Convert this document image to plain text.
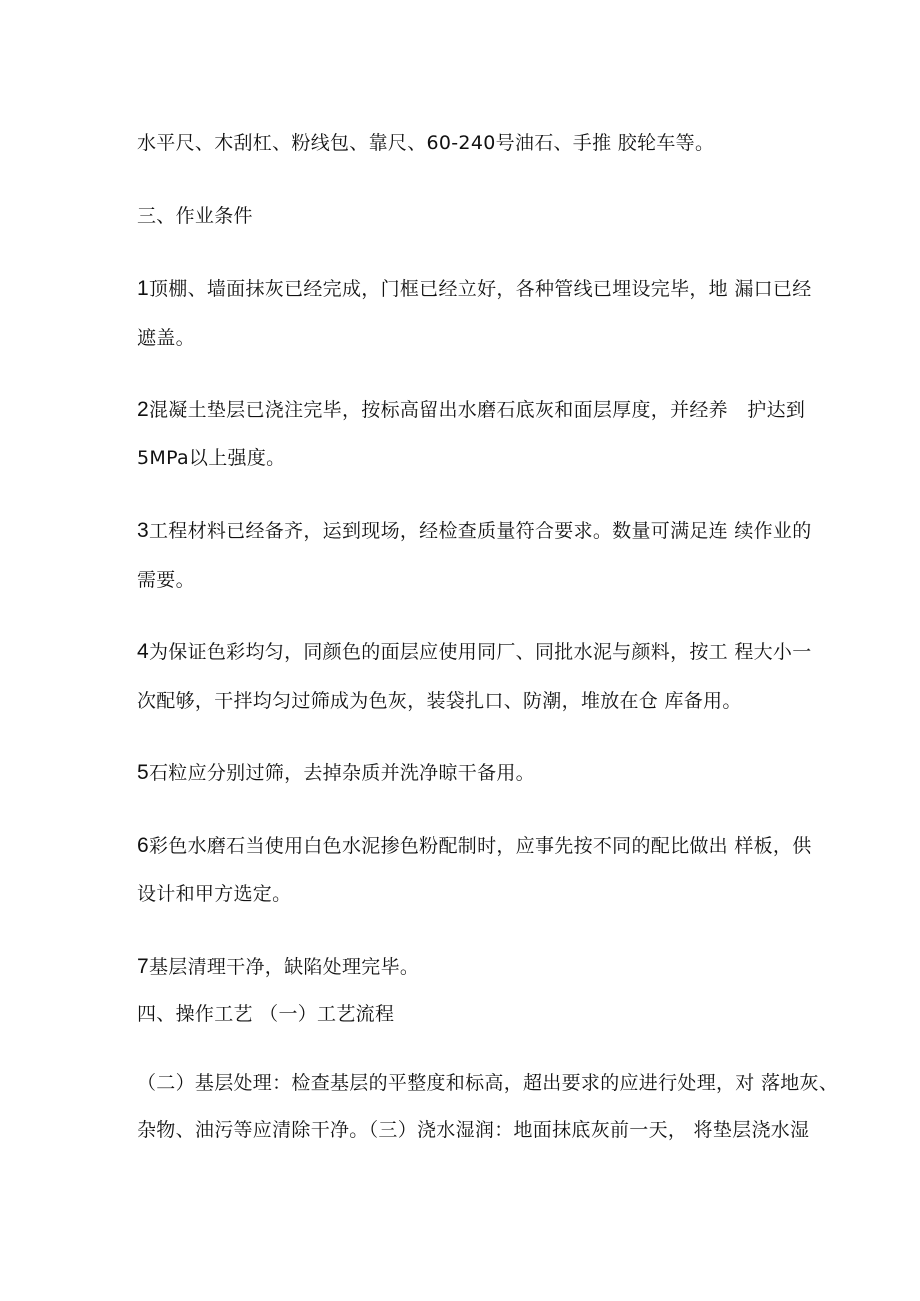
水平尺、木刮杠、粉线包、靠尺、60-240号油石、手推 胶轮车等。
三、作业条件
1顶棚、墙面抹灰已经完成，门框已经立好，各种管线已埋设完毕，地 漏口已经
遮盖。
2混凝土垫层已浇注完毕，按标高留出水磨石底灰和面层厚度，并经养　护达到
5MPa以上强度。
3工程材料已经备齐，运到现场，经检查质量符合要求。数量可满足连 续作业的
需要。
4为保证色彩均匀，同颜色的面层应使用同厂、同批水泥与颜料，按工 程大小一
次配够，干拌均匀过筛成为色灰，装袋扎口、防潮，堆放在仓 库备用。
5石粒应分别过筛，去掉杂质并洗净晾干备用。
6彩色水磨石当使用白色水泥掺色粉配制时，应事先按不同的配比做出 样板，供
设计和甲方选定。
7基层清理干净，缺陷处理完毕。
四、操作工艺 （一）工艺流程
（二）基层处理：检查基层的平整度和标高，超出要求的应进行处理，对 落地灰、
杂物、油污等应清除干净。（三）浇水湿润：地面抹底灰前一天， 将垫层浇水湿
